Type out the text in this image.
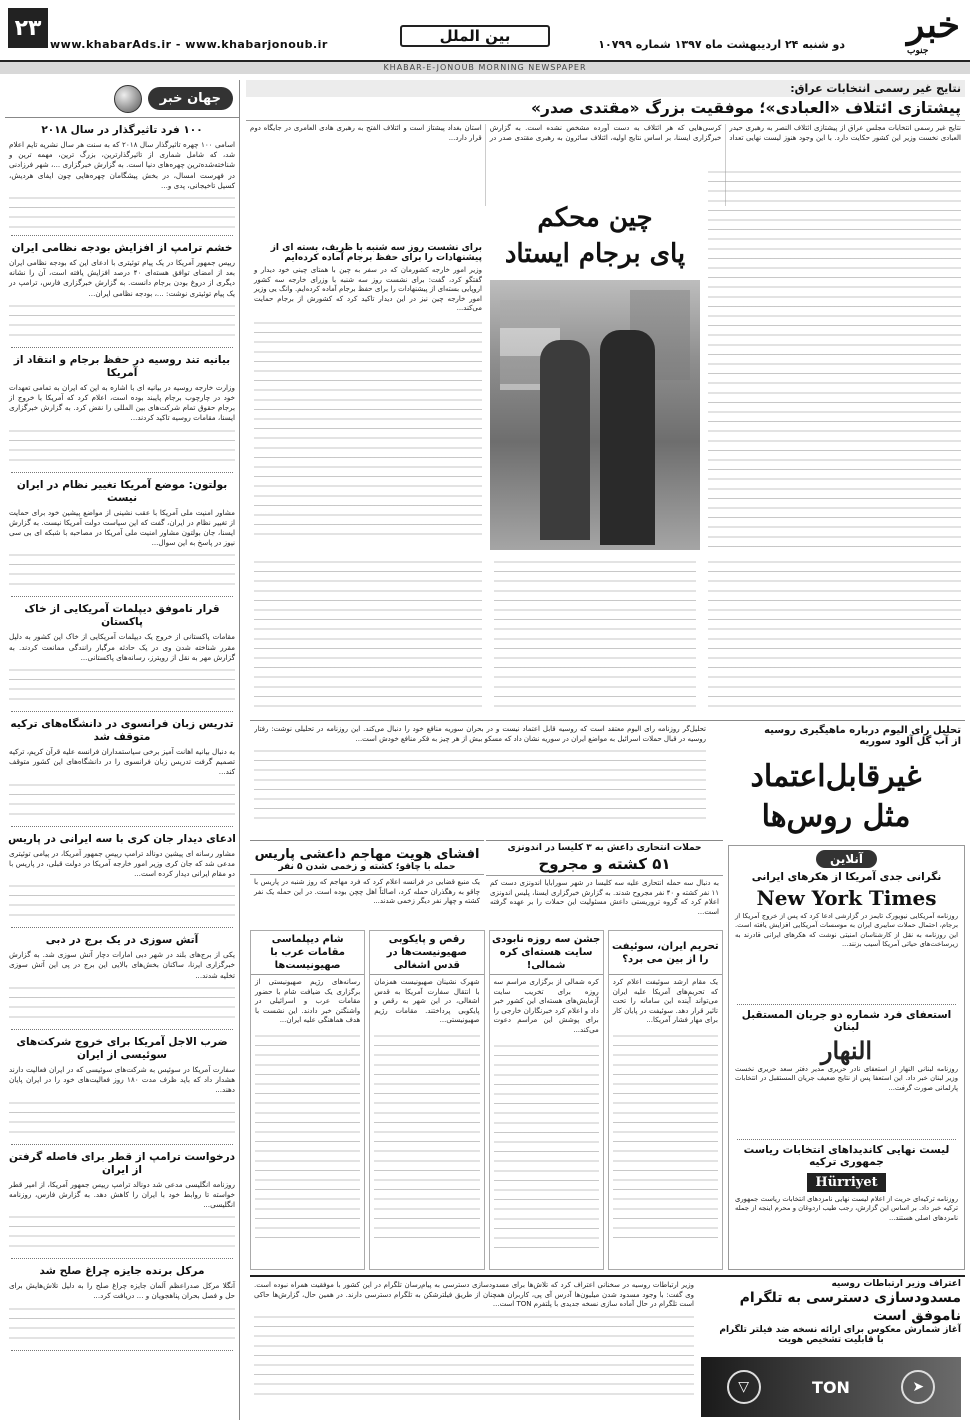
۲۳
www.khabarAds.ir - www.khabarjonoub.ir	بین الملل	خبر
جنوب
دو شنبه ۲۴ اردیبهشت ماه ۱۳۹۷ شماره ۱۰۷۹۹
KHABAR-E-JONOUB MORNING NEWSPAPER
جهان خبر
۱۰۰ فرد تاثیرگذار در سال ۲۰۱۸
اسامی ۱۰۰ چهره تاثیرگذار سال ۲۰۱۸ که به سنت هر سال نشریه تایم اعلام شد، که شامل شماری از تاثیرگذارترین، بزرگ ترین، مهمه ترین و شناخته‌شده‌ترین چهره‌های دنیا است. به گزارش خبرگزاری ...، شهر فرزادنی در فهرست امسال، در بخش پیشگامان چهره‌هایی چون ایفای هردیش، کسیل تاخیجانی، پدی و...
خشم ترامپ از افزایش بودجه نظامی ایران
رییس جمهور آمریکا در یک پیام توئیتری با ادعای این که بودجه نظامی ایران بعد از امضای توافق هسته‌ای ۴۰ درصد افزایش یافته است، آن را نشانه دیگری از دروغ بودن برجام دانست. به گزارش خبرگزاری فارس، ترامپ در یک پیام توئیتری نوشت: ...، بودجه نظامی ایران...
بیانیه تند روسیه در حفظ برجام و انتقاد از آمریکا
وزارت خارجه روسیه در بیانیه ای با اشاره به این که ایران به تمامی تعهدات خود در چارچوب برجام پایبند بوده است، اعلام کرد که آمریکا با خروج از برجام حقوق تمام شرکت‌های بین المللی را نقض کرد. به گزارش خبرگزاری ایسنا، مقامات روسیه تاکید کردند...
بولتون: موضع آمریکا تغییر نظام در ایران نیست
مشاور امنیت ملی آمریکا با عقب نشینی از مواضع پیشین خود برای حمایت از تغییر نظام در ایران، گفت که این سیاست دولت آمریکا نیست. به گزارش ایسنا، جان بولتون مشاور امنیت ملی آمریکا در مصاحبه با شبکه ای بی سی نیوز در پاسخ به این سوال...
قرار ناموفق دیپلمات آمریکایی از خاک پاکستان
مقامات پاکستانی از خروج یک دیپلمات آمریکایی از خاک این کشور به دلیل مقرر شناخته شدن وی در یک حادثه مرگبار رانندگی ممانعت کردند. به گزارش مهر به نقل از رویترز، رسانه‌های پاکستانی...
تدریس زبان فرانسوی در دانشگاه‌های ترکیه متوقف شد
به دنبال بیانیه اهانت آمیز برخی سیاستمداران فرانسه علیه قرآن کریم، ترکیه تصمیم گرفت تدریس زبان فرانسوی را در دانشگاه‌های این کشور متوقف کند...
ادعای دیدار جان کری با سه ایرانی در پاریس
مشاور رسانه ای پیشین دونالد ترامپ رییس جمهور آمریکا، در پیامی توئیتری مدعی شد که جان کری وزیر امور خارجه آمریکا در دولت قبلی، در پاریس با دو مقام ایرانی دیدار کرده است...
آتش سوزی در یک برج در دبی
یکی از برج‌های بلند در شهر دبی امارات دچار آتش سوزی شد. به گزارش خبرگزاری ایرنا، ساکنان بخش‌های بالایی این برج در پی این آتش سوزی تخلیه شدند...
ضرب الاجل آمریکا برای خروج شرکت‌های سوئیسی از ایران
سفارت آمریکا در سوئیس به شرکت‌های سوئیسی که در ایران فعالیت دارند هشدار داد که باید ظرف مدت ۱۸۰ روز فعالیت‌های خود را در ایران پایان دهند...
درخواست ترامپ از قطر برای فاصله گرفتن از ایران
روزنامه انگلیسی مدعی شد دونالد ترامپ رییس جمهور آمریکا، از امیر قطر خواسته تا روابط خود با ایران را کاهش دهد. به گزارش فارس، روزنامه انگلیسی...
مرکل برنده جایزه چراغ صلح شد
آنگلا مرکل صدراعظم آلمان جایزه چراغ صلح را به دلیل تلاش‌هایش برای حل و فصل بحران پناهجویان و ... دریافت کرد...
نتایج غیر رسمی انتخابات عراق:
پیشتازی ائتلاف «العبادی»؛ موفقیت بزرگ «مقتدی صدر»
نتایج غیر رسمی انتخابات مجلس عراق از پیشتازی ائتلاف النصر به رهبری حیدر العبادی نخست وزیر این کشور حکایت دارد. با این وجود هنوز لیست نهایی تعداد کرسی‌هایی که هر ائتلاف به دست آورده مشخص نشده است. به گزارش خبرگزاری ایسنا، بر اساس نتایج اولیه، ائتلاف سائرون به رهبری مقتدی صدر در استان بغداد پیشتاز است و ائتلاف الفتح به رهبری هادی العامری در جایگاه دوم قرار دارد...
چین محکم
پای برجام ایستاد
برای نشست روز سه شنبه با ظریف، بسته ای از پیشنهادات را برای حفظ برجام آماده کرده‌ایم
وزیر امور خارجه کشورمان که در سفر به چین با همتای چینی خود دیدار و گفتگو کرد، گفت: برای نشست روز سه شنبه با وزرای خارجه سه کشور اروپایی بسته‌ای از پیشنهادات را برای حفظ برجام آماده کرده‌ایم. وانگ یی وزیر امور خارجه چین نیز در این دیدار تاکید کرد که کشورش از برجام حمایت می‌کند...
تحلیل رای الیوم درباره ماهیگیری روسیه
از آب گل آلود سوریه
غیرقابل‌اعتماد
مثل روس‌ها
تحلیل‌گر روزنامه رای الیوم معتقد است که روسیه قابل اعتماد نیست و در بحران سوریه منافع خود را دنبال می‌کند. این روزنامه در تحلیلی نوشت: رفتار روسیه در قبال حملات اسرائیل به مواضع ایران در سوریه نشان داد که مسکو بیش از هر چیز به فکر منافع خودش است...
حملات انتحاری داعش به ۳ کلیسا در اندونزی
۵۱ کشته و مجروح
به دنبال سه حمله انتحاری علیه سه کلیسا در شهر سورابایا اندونزی دست کم ۱۱ نفر کشته و ۴۰ نفر مجروح شدند. به گزارش خبرگزاری ایسنا، پلیس اندونزی اعلام کرد که گروه تروریستی داعش مسئولیت این حملات را بر عهده گرفته است...
افشای هویت مهاجم داعشی پاریس
حمله با چاقو؛ کشته و زخمی شدن ۵ نفر
یک منبع قضایی در فرانسه اعلام کرد که فرد مهاجم که روز شنبه در پاریس با چاقو به رهگذران حمله کرد، اصالتاً اهل چچن بوده است. در این حمله یک نفر کشته و چهار نفر دیگر زخمی شدند...
تحریم ایران، سوئیفت را از بین می برد؟
یک مقام ارشد سوئیفت اعلام کرد که تحریم‌های آمریکا علیه ایران می‌تواند آینده این سامانه را تحت تاثیر قرار دهد. سوئیفت در پایان کار برای مهار فشار آمریکا...
جشن سه روزه نابودی سایت هسته‌ای کره شمالی!
کره شمالی از برگزاری مراسم سه روزه برای تخریب سایت آزمایش‌های هسته‌ای این کشور خبر داد و اعلام کرد خبرنگاران خارجی را برای پوشش این مراسم دعوت می‌کند...
رقص و پایکوبی صهیونیست‌ها در قدس اشغالی
شهرک نشینان صهیونیست همزمان با انتقال سفارت آمریکا به قدس اشغالی، در این شهر به رقص و پایکوبی پرداختند. مقامات رژیم صهیونیستی...
شام دیپلماسی مقامات عرب با صهیونیست‌ها
رسانه‌های رژیم صهیونیستی از برگزاری یک ضیافت شام با حضور مقامات عرب و اسرائیلی در واشنگتن خبر دادند. این نشست با هدف هماهنگی علیه ایران...
آنلاین
نگرانی جدی آمریکا از هکرهای ایرانی
New York Times
روزنامه آمریکایی نیویورک تایمز در گزارشی ادعا کرد که پس از خروج آمریکا از برجام، احتمال حملات سایبری ایران به موسسات آمریکایی افزایش یافته است. این روزنامه به نقل از کارشناسان امنیتی نوشت که هکرهای ایرانی قادرند به زیرساخت‌های حیاتی آمریکا آسیب بزنند...
استعفای فرد شماره دو جریان المستقبل لبنان
النهار
روزنامه لبنانی النهار از استعفای نادر حریری مدیر دفتر سعد حریری نخست وزیر لبنان خبر داد. این استعفا پس از نتایج ضعیف جریان المستقبل در انتخابات پارلمانی صورت گرفت...
لیست نهایی کاندیداهای انتخابات ریاست جمهوری ترکیه
Hürriyet
روزنامه ترکیه‌ای حریت از اعلام لیست نهایی نامزدهای انتخابات ریاست جمهوری ترکیه خبر داد. بر اساس این گزارش، رجب طیب اردوغان و محرم اینجه از جمله نامزدهای اصلی هستند...
اعتراف وزیر ارتباطات روسیه
مسدودسازی دسترسی به تلگرام ناموفق است
آغاز شمارش معکوس برای ارائه نسخه ضد فیلتر تلگرام
با قابلیت تشخیص هویت
▽	TON	➤
وزیر ارتباطات روسیه در سخنانی اعتراف کرد که تلاش‌ها برای مسدودسازی دسترسی به پیام‌رسان تلگرام در این کشور با موفقیت همراه نبوده است. وی گفت: با وجود مسدود شدن میلیون‌ها آدرس آی پی، کاربران همچنان از طریق فیلترشکن به تلگرام دسترسی دارند. در همین حال، گزارش‌ها حاکی است تلگرام در حال آماده سازی نسخه جدیدی با پلتفرم TON است...
